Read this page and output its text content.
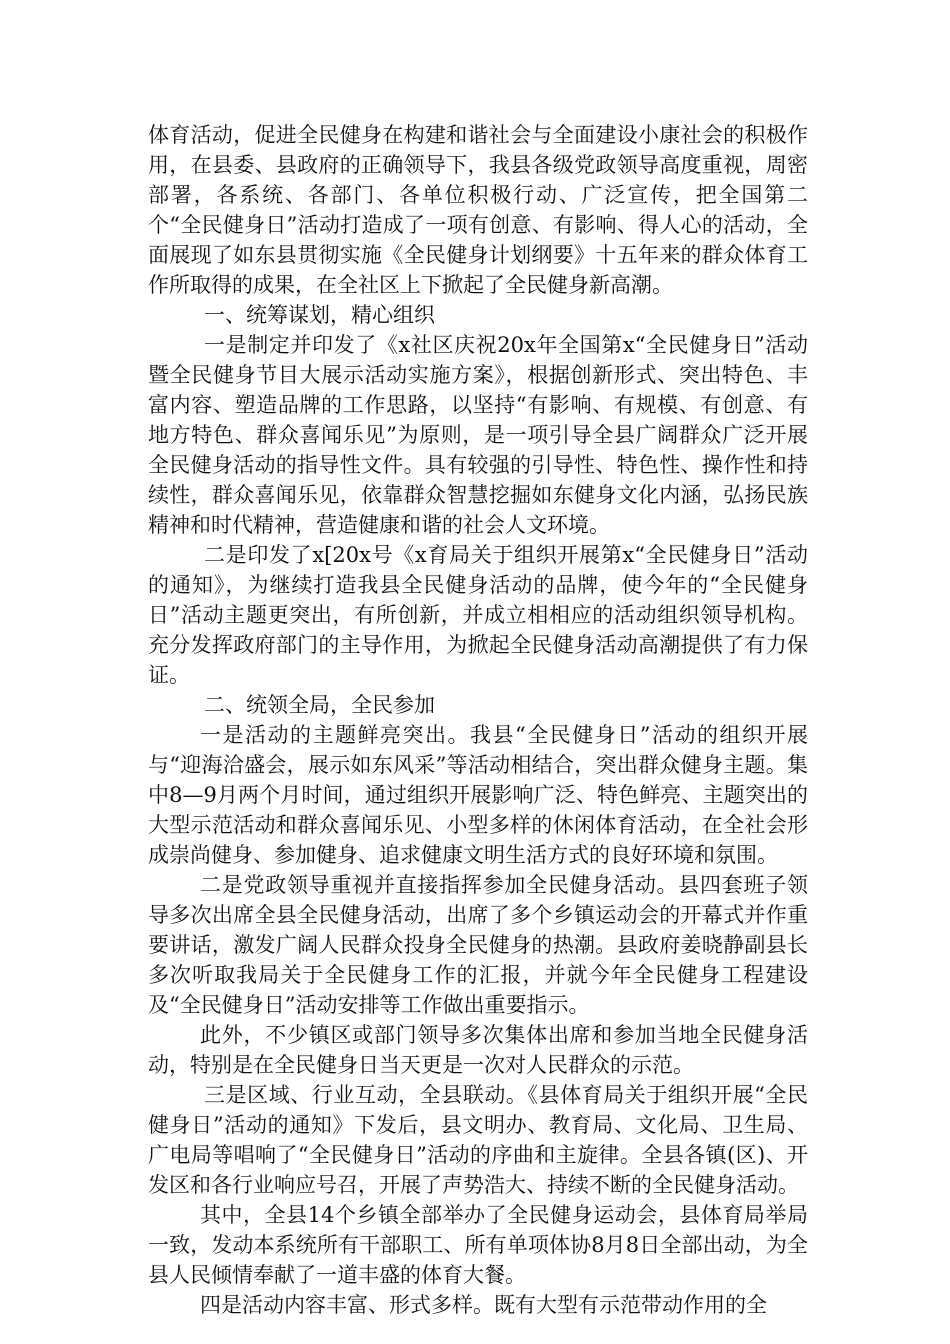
体育活动，促进全民健身在构建和谐社会与全面建设小康社会的积极作用，在县委、县政府的正确领导下，我县各级党政领导高度重视，周密部署，各系统、各部门、各单位积极行动、广泛宣传，把全国第二个“全民健身日”活动打造成了一项有创意、有影响、得人心的活动，全面展现了如东县贯彻实施《全民健身计划纲要》十五年来的群众体育工作所取得的成果，在全社区上下掀起了全民健身新高潮。

一、统筹谋划，精心组织

一是制定并印发了《x社区庆祝20x年全国第x“全民健身日”活动暨全民健身节目大展示活动实施方案》，根据创新形式、突出特色、丰富内容、塑造品牌的工作思路，以坚持“有影响、有规模、有创意、有地方特色、群众喜闻乐见”为原则，是一项引导全县广阔群众广泛开展全民健身活动的指导性文件。具有较强的引导性、特色性、操作性和持续性，群众喜闻乐见，依靠群众智慧挖掘如东健身文化内涵，弘扬民族精神和时代精神，营造健康和谐的社会人文环境。

二是印发了x[20x号《x育局关于组织开展第x“全民健身日”活动的通知》，为继续打造我县全民健身活动的品牌，使今年的“全民健身日”活动主题更突出，有所创新，并成立相相应的活动组织领导机构。充分发挥政府部门的主导作用，为掀起全民健身活动高潮提供了有力保证。

二、统领全局，全民参加

一是活动的主题鲜亮突出。我县“全民健身日”活动的组织开展与“迎海洽盛会，展示如东风采”等活动相结合，突出群众健身主题。集中8—9月两个月时间，通过组织开展影响广泛、特色鲜亮、主题突出的大型示范活动和群众喜闻乐见、小型多样的休闲体育活动，在全社会形成崇尚健身、参加健身、追求健康文明生活方式的良好环境和氛围。

二是党政领导重视并直接指挥参加全民健身活动。县四套班子领导多次出席全县全民健身活动，出席了多个乡镇运动会的开幕式并作重要讲话，激发广阔人民群众投身全民健身的热潮。县政府姜晓静副县长多次听取我局关于全民健身工作的汇报，并就今年全民健身工程建设及“全民健身日”活动安排等工作做出重要指示。

此外，不少镇区或部门领导多次集体出席和参加当地全民健身活动，特别是在全民健身日当天更是一次对人民群众的示范。

三是区域、行业互动，全县联动。《县体育局关于组织开展“全民健身日”活动的通知》下发后，县文明办、教育局、文化局、卫生局、广电局等唱响了“全民健身日”活动的序曲和主旋律。全县各镇(区)、开发区和各行业响应号召，开展了声势浩大、持续不断的全民健身活动。

其中，全县14个乡镇全部举办了全民健身运动会，县体育局举局一致，发动本系统所有干部职工、所有单项体协8月8日全部出动，为全县人民倾情奉献了一道丰盛的体育大餐。

四是活动内容丰富、形式多样。既有大型有示范带动作用的全
